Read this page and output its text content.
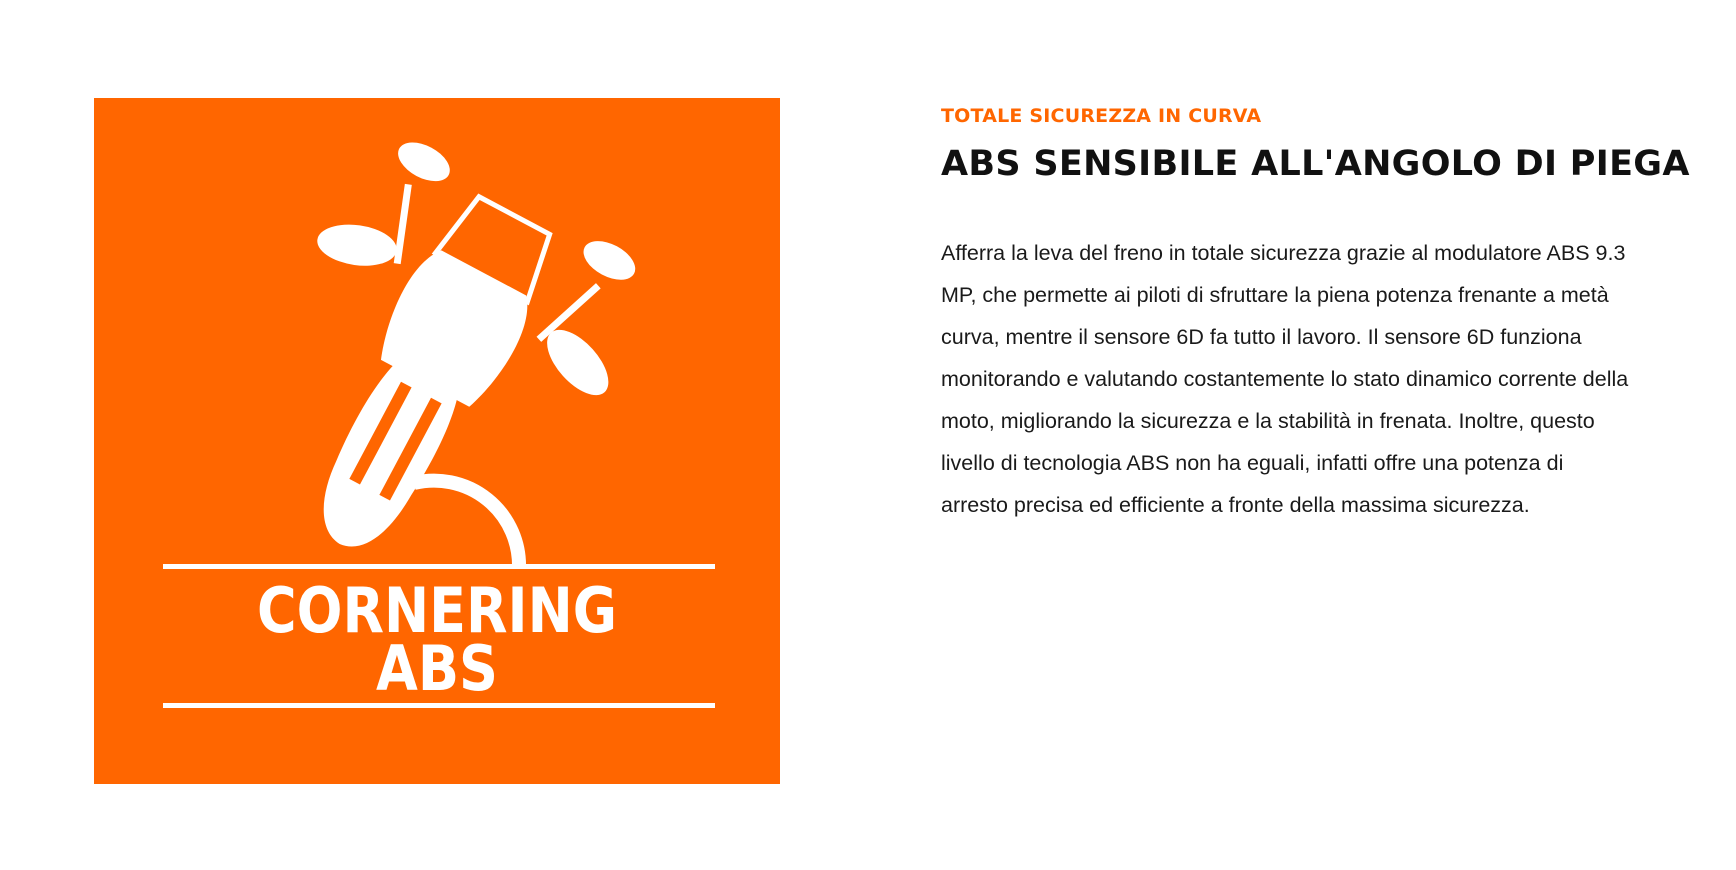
CORNERING
ABS

TOTALE SICUREZZA IN CURVA

ABS SENSIBILE ALL'ANGOLO DI PIEGA

Afferra la leva del freno in totale sicurezza grazie al modulatore ABS 9.3 MP, che permette ai piloti di sfruttare la piena potenza frenante a metà curva, mentre il sensore 6D fa tutto il lavoro. Il sensore 6D funziona monitorando e valutando costantemente lo stato dinamico corrente della moto, migliorando la sicurezza e la stabilità in frenata. Inoltre, questo livello di tecnologia ABS non ha eguali, infatti offre una potenza di arresto precisa ed efficiente a fronte della massima sicurezza.
